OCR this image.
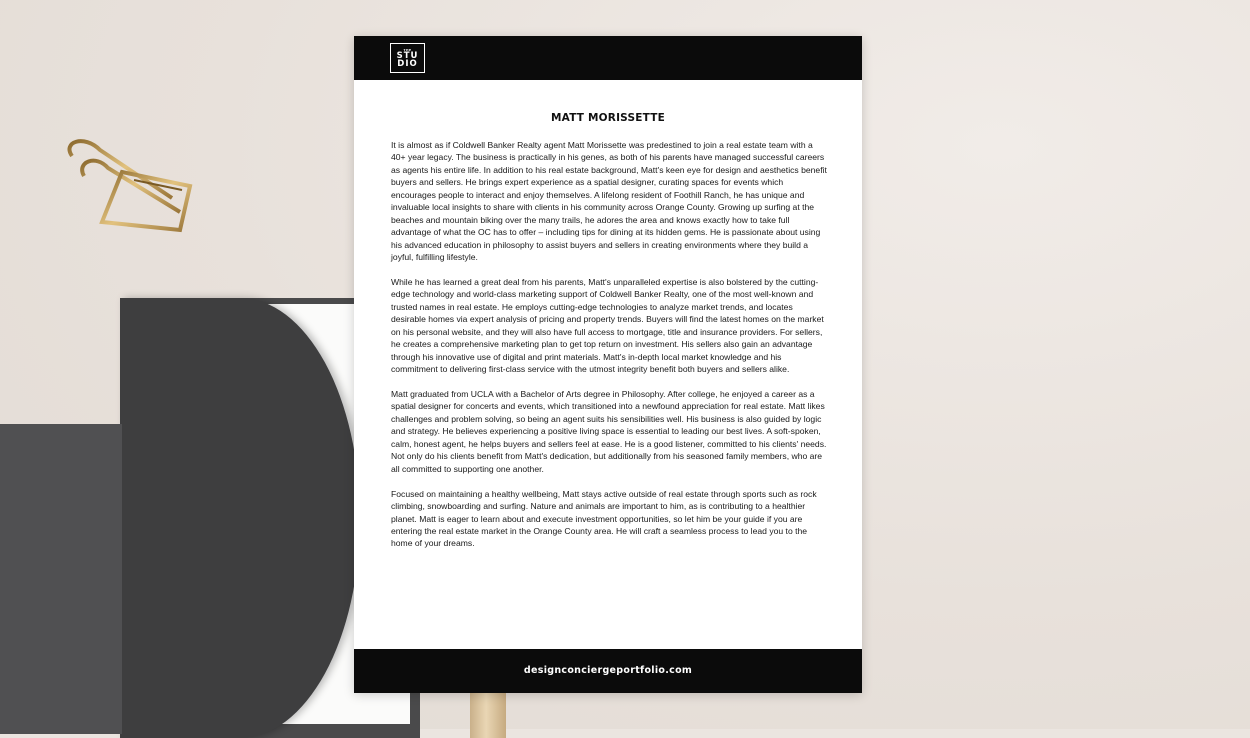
THE
STU
DIO
MATT MORISSETTE

It is almost as if Coldwell Banker Realty agent Matt Morissette was predestined to join a real estate team with a 40+ year legacy. The business is practically in his genes, as both of his parents have managed successful careers as agents his entire life. In addition to his real estate background, Matt's keen eye for design and aesthetics benefit buyers and sellers. He brings expert experience as a spatial designer, curating spaces for events which encourages people to interact and enjoy themselves. A lifelong resident of Foothill Ranch, he has unique and invaluable local insights to share with clients in his community across Orange County. Growing up surfing at the beaches and mountain biking over the many trails, he adores the area and knows exactly how to take full advantage of what the OC has to offer – including tips for dining at its hidden gems. He is passionate about using his advanced education in philosophy to assist buyers and sellers in creating environments where they build a joyful, fulfilling lifestyle.

While he has learned a great deal from his parents, Matt's unparalleled expertise is also bolstered by the cutting-edge technology and world-class marketing support of Coldwell Banker Realty, one of the most well-known and trusted names in real estate. He employs cutting-edge technologies to analyze market trends, and locates desirable homes via expert analysis of pricing and property trends. Buyers will find the latest homes on the market on his personal website, and they will also have full access to mortgage, title and insurance providers. For sellers, he creates a comprehensive marketing plan to get top return on investment. His sellers also gain an advantage through his innovative use of digital and print materials. Matt's in-depth local market knowledge and his commitment to delivering first-class service with the utmost integrity benefit both buyers and sellers alike.

Matt graduated from UCLA with a Bachelor of Arts degree in Philosophy. After college, he enjoyed a career as a spatial designer for concerts and events, which transitioned into a newfound appreciation for real estate. Matt likes challenges and problem solving, so being an agent suits his sensibilities well. His business is also guided by logic and strategy. He believes experiencing a positive living space is essential to leading our best lives. A soft-spoken, calm, honest agent, he helps buyers and sellers feel at ease. He is a good listener, committed to his clients' needs. Not only do his clients benefit from Matt's dedication, but additionally from his seasoned family members, who are all committed to supporting one another.

Focused on maintaining a healthy wellbeing, Matt stays active outside of real estate through sports such as rock climbing, snowboarding and surfing. Nature and animals are important to him, as is contributing to a healthier planet. Matt is eager to learn about and execute investment opportunities, so let him be your guide if you are entering the real estate market in the Orange County area. He will craft a seamless process to lead you to the home of your dreams.

designconciergeportfolio.com
